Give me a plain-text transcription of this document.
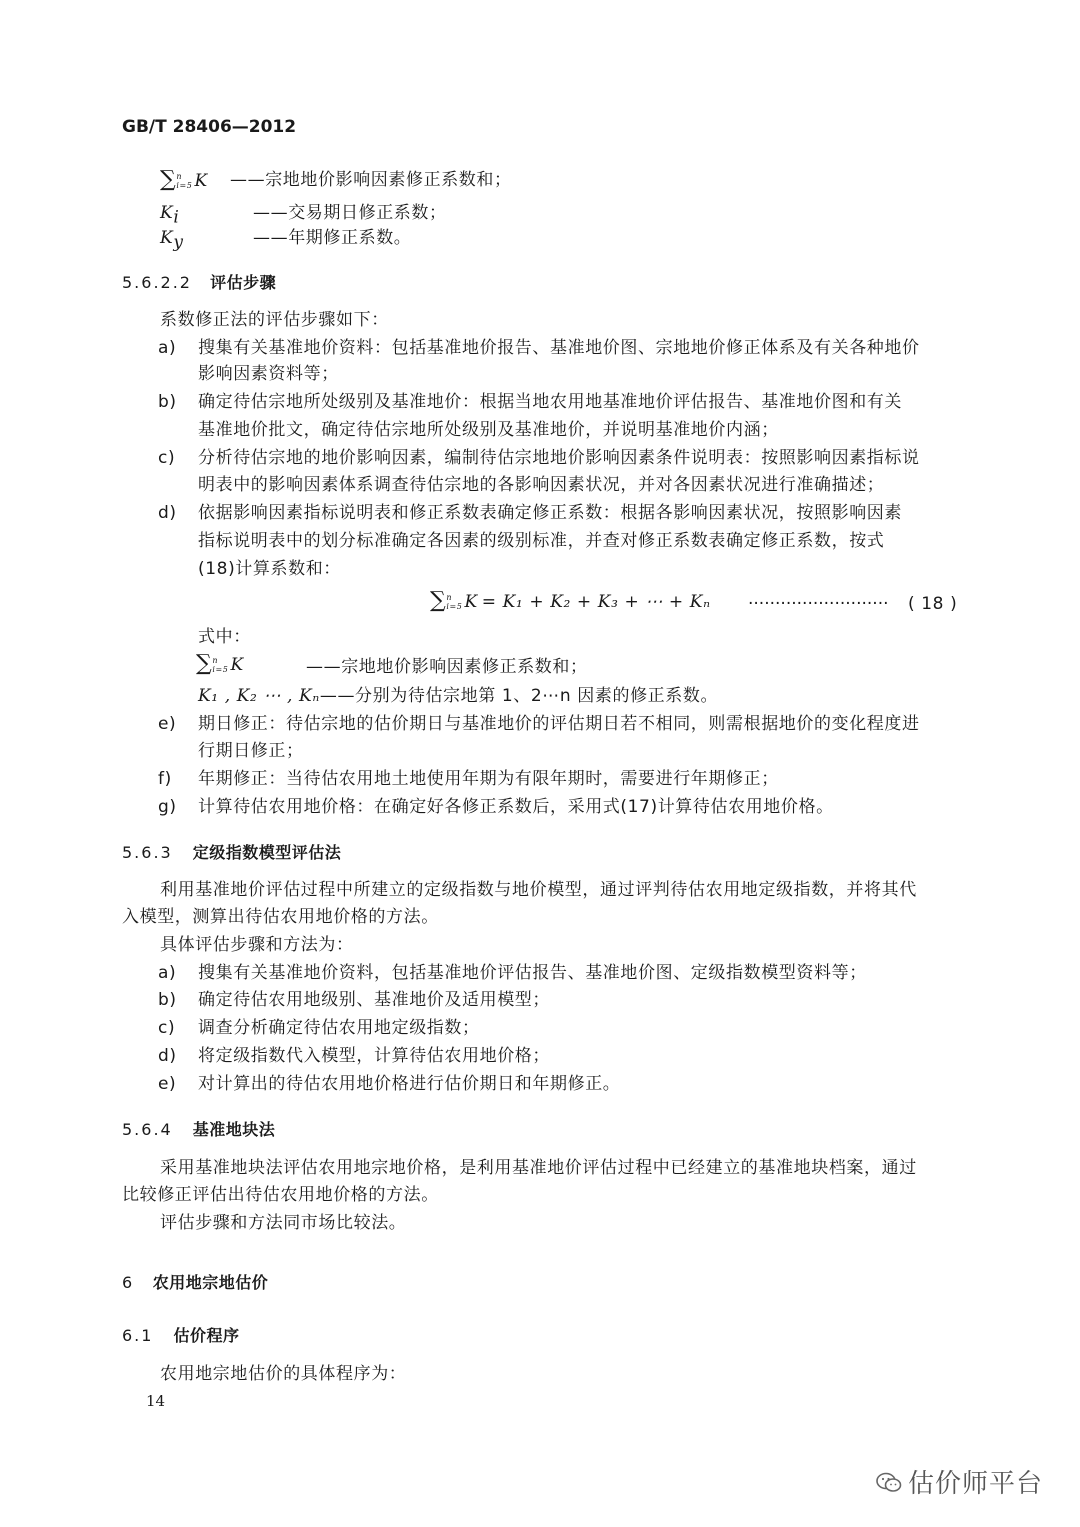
GB/T 28406—2012
∑n
i=5 K ——宗地地价影响因素修正系数和；
$K_i$	——交易期日修正系数；
$K_y$	——年期修正系数。
5.6.2.2 评估步骤
系数修正法的评估步骤如下：
a) 搜集有关基准地价资料：包括基准地价报告、基准地价图、宗地地价修正体系及有关各种地价
影响因素资料等；
b) 确定待估宗地所处级别及基准地价：根据当地农用地基准地价评估报告、基准地价图和有关
基准地价批文，确定待估宗地所处级别及基准地价，并说明基准地价内涵；
c) 分析待估宗地的地价影响因素，编制待估宗地地价影响因素条件说明表：按照影响因素指标说
明表中的影响因素体系调查待估宗地的各影响因素状况，并对各因素状况进行准确描述；
d) 依据影响因素指标说明表和修正系数表确定修正系数：根据各影响因素状况，按照影响因素
指标说明表中的划分标准确定各因素的级别标准，并查对修正系数表确定修正系数，按式
(18)计算系数和：
∑n
i=5 K = K₁ + K₂ + K₃ + ⋯ + Kₙ ·························· ( 18 )
式中：
∑n
i=5 K	——宗地地价影响因素修正系数和；
K₁ , K₂ ⋯ , Kₙ——分别为待估宗地第 1、2⋯n 因素的修正系数。
e) 期日修正：待估宗地的估价期日与基准地价的评估期日若不相同，则需根据地价的变化程度进
行期日修正；
f) 年期修正：当待估农用地土地使用年期为有限年期时，需要进行年期修正；
g) 计算待估农用地价格：在确定好各修正系数后，采用式(17)计算待估农用地价格。
5.6.3 定级指数模型评估法
利用基准地价评估过程中所建立的定级指数与地价模型，通过评判待估农用地定级指数，并将其代
入模型，测算出待估农用地价格的方法。
具体评估步骤和方法为：
a) 搜集有关基准地价资料，包括基准地价评估报告、基准地价图、定级指数模型资料等；
b) 确定待估农用地级别、基准地价及适用模型；
c) 调查分析确定待估农用地定级指数；
d) 将定级指数代入模型，计算待估农用地价格；
e) 对计算出的待估农用地价格进行估价期日和年期修正。
5.6.4 基准地块法
采用基准地块法评估农用地宗地价格，是利用基准地价评估过程中已经建立的基准地块档案，通过
比较修正评估出待估农用地价格的方法。
评估步骤和方法同市场比较法。
6 农用地宗地估价
6.1 估价程序
农用地宗地估价的具体程序为：
14
估价师平台
